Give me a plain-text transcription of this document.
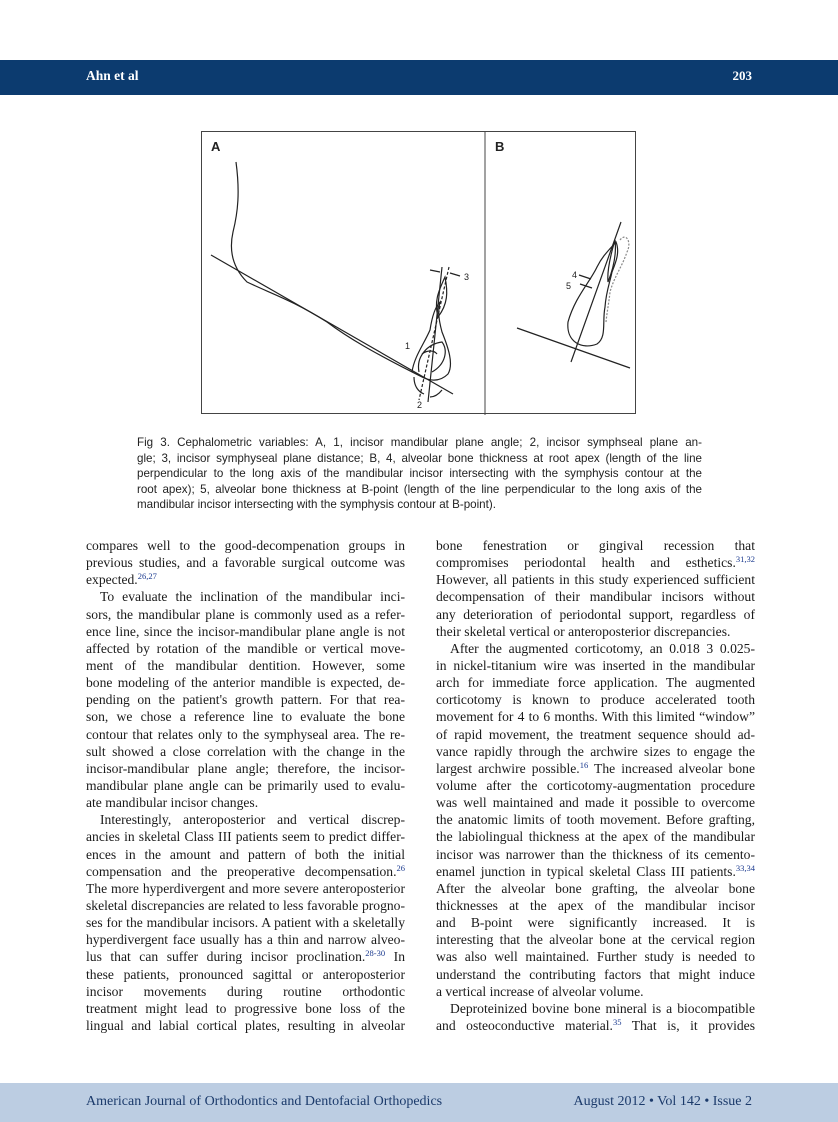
Ahn et al	203
A	B
1
2
3	4
5
Fig 3. Cephalometric variables: A, 1, incisor mandibular plane angle; 2, incisor symphseal plane an-
gle; 3, incisor symphyseal plane distance; B, 4, alveolar bone thickness at root apex (length of the line
perpendicular to the long axis of the mandibular incisor intersecting with the symphysis contour at the
root apex); 5, alveolar bone thickness at B-point (length of the line perpendicular to the long axis of the
mandibular incisor intersecting with the symphysis contour at B-point).
compares well to the good-decompenation groups in
previous studies, and a favorable surgical outcome was
expected.$^{26,27}$
To evaluate the inclination of the mandibular inci-
sors, the mandibular plane is commonly used as a refer-
ence line, since the incisor-mandibular plane angle is not
affected by rotation of the mandible or vertical move-
ment of the mandibular dentition. However, some
bone modeling of the anterior mandible is expected, de-
pending on the patient's growth pattern. For that rea-
son, we chose a reference line to evaluate the bone
contour that relates only to the symphyseal area. The re-
sult showed a close correlation with the change in the
incisor-mandibular plane angle; therefore, the incisor-
mandibular plane angle can be primarily used to evalu-
ate mandibular incisor changes.
Interestingly, anteroposterior and vertical discrep-
ancies in skeletal Class III patients seem to predict differ-
ences in the amount and pattern of both the initial
compensation and the preoperative decompensation.$^{26}$
The more hyperdivergent and more severe anteroposterior
skeletal discrepancies are related to less favorable progno-
ses for the mandibular incisors. A patient with a skeletally
hyperdivergent face usually has a thin and narrow alveo-
lus that can suffer during incisor proclination.$^{28-30}$ In
these patients, pronounced sagittal or anteroposterior
incisor movements during routine orthodontic
treatment might lead to progressive bone loss of the
lingual and labial cortical plates, resulting in alveolar
bone fenestration or gingival recession that
compromises periodontal health and esthetics.$^{31,32}$
However, all patients in this study experienced sufficient
decompensation of their mandibular incisors without
any deterioration of periodontal support, regardless of
their skeletal vertical or anteroposterior discrepancies.
After the augmented corticotomy, an 0.018 3 0.025-
in nickel-titanium wire was inserted in the mandibular
arch for immediate force application. The augmented
corticotomy is known to produce accelerated tooth
movement for 4 to 6 months. With this limited “window”
of rapid movement, the treatment sequence should ad-
vance rapidly through the archwire sizes to engage the
largest archwire possible.$^{16}$ The increased alveolar bone
volume after the corticotomy-augmentation procedure
was well maintained and made it possible to overcome
the anatomic limits of tooth movement. Before grafting,
the labiolingual thickness at the apex of the mandibular
incisor was narrower than the thickness of its cemento-
enamel junction in typical skeletal Class III patients.$^{33,34}$
After the alveolar bone grafting, the alveolar bone
thicknesses at the apex of the mandibular incisor
and B-point were significantly increased. It is
interesting that the alveolar bone at the cervical region
was also well maintained. Further study is needed to
understand the contributing factors that might induce
a vertical increase of alveolar volume.
Deproteinized bovine bone mineral is a biocompatible
and osteoconductive material.$^{35}$ That is, it provides
American Journal of Orthodontics and Dentofacial Orthopedics	August 2012 • Vol 142 • Issue 2
